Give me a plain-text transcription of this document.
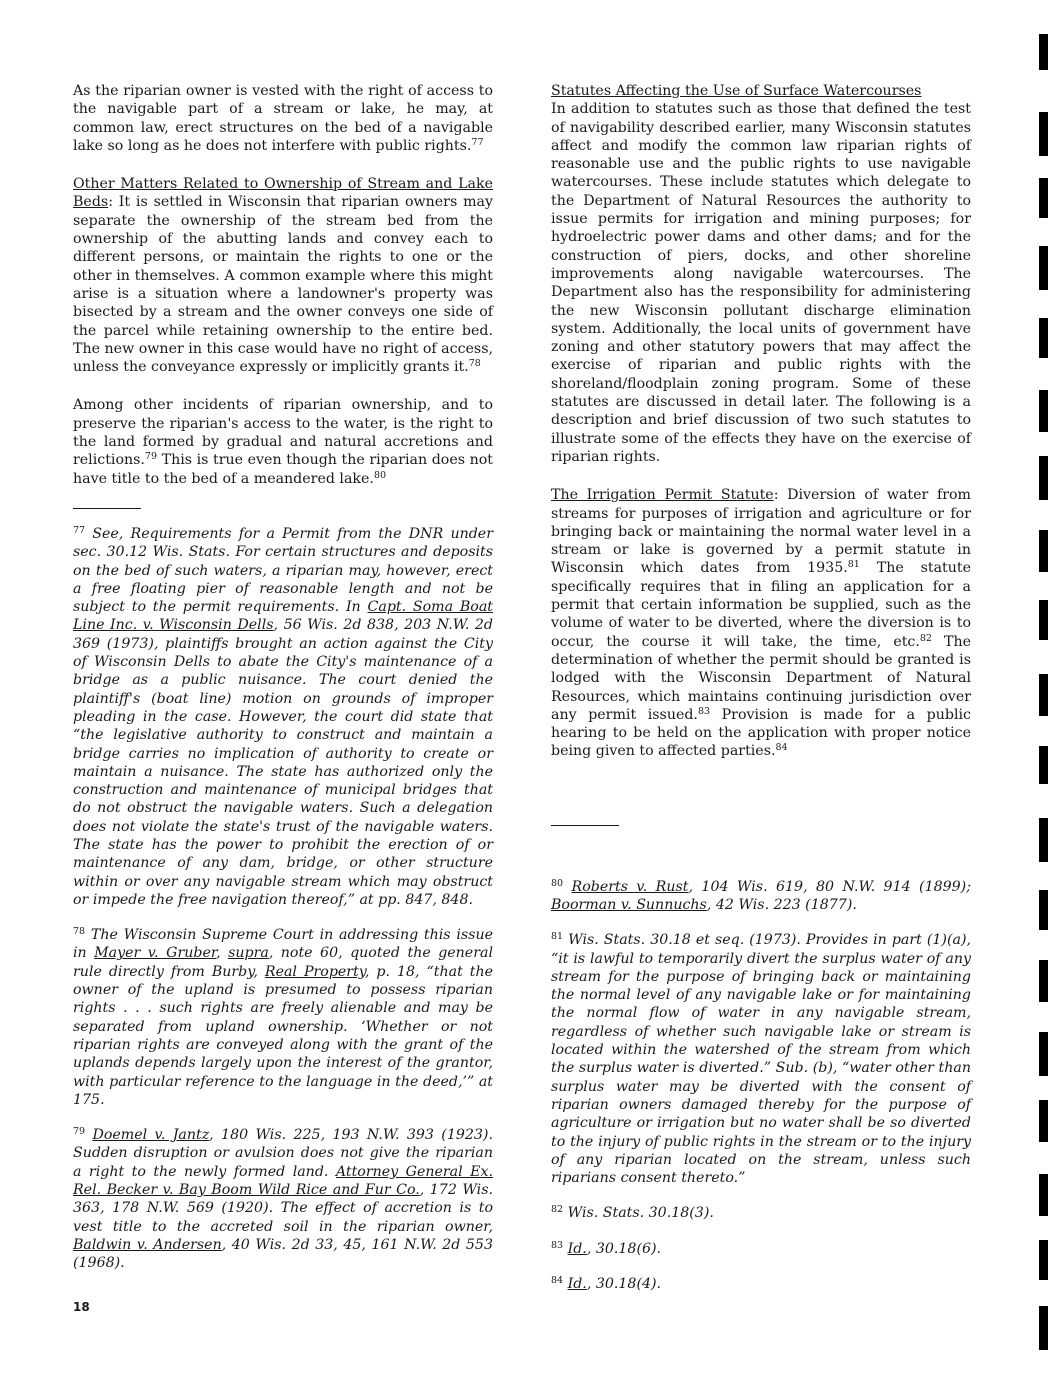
As the riparian owner is vested with the right of access to the navigable part of a stream or lake, he may, at common law, erect structures on the bed of a navigable lake so long as he does not interfere with public rights.$^{77}$

Other Matters Related to Ownership of Stream and Lake Beds: It is settled in Wisconsin that riparian owners may separate the ownership of the stream bed from the ownership of the abutting lands and convey each to different persons, or maintain the rights to one or the other in themselves. A common example where this might arise is a situation where a landowner's property was bisected by a stream and the owner conveys one side of the parcel while retaining ownership to the entire bed. The new owner in this case would have no right of access, unless the conveyance expressly or implicitly grants it.$^{78}$

Among other incidents of riparian ownership, and to preserve the riparian's access to the water, is the right to the land formed by gradual and natural accretions and relictions.$^{79}$ This is true even though the riparian does not have title to the bed of a meandered lake.$^{80}$

$^{77}$ See, Requirements for a Permit from the DNR under sec. 30.12 Wis. Stats. For certain structures and deposits on the bed of such waters, a riparian may, however, erect a free floating pier of reasonable length and not be subject to the permit requirements. In Capt. Soma Boat Line Inc. v. Wisconsin Dells, 56 Wis. 2d 838, 203 N.W. 2d 369 (1973), plaintiffs brought an action against the City of Wisconsin Dells to abate the City's maintenance of a bridge as a public nuisance. The court denied the plaintiff's (boat line) motion on grounds of improper pleading in the case. However, the court did state that “the legislative authority to construct and maintain a bridge carries no implication of authority to create or maintain a nuisance. The state has authorized only the construction and maintenance of municipal bridges that do not obstruct the navigable waters. Such a delegation does not violate the state's trust of the navigable waters. The state has the power to prohibit the erection of or maintenance of any dam, bridge, or other structure within or over any navigable stream which may obstruct or impede the free navigation thereof,” at pp. 847, 848.

$^{78}$ The Wisconsin Supreme Court in addressing this issue in Mayer v. Gruber, supra, note 60, quoted the general rule directly from Burby, Real Property, p. 18, “that the owner of the upland is presumed to possess riparian rights . . . such rights are freely alienable and may be separated from upland ownership. ‘Whether or not riparian rights are conveyed along with the grant of the uplands depends largely upon the interest of the grantor, with particular reference to the language in the deed,’” at 175.

$^{79}$ Doemel v. Jantz, 180 Wis. 225, 193 N.W. 393 (1923). Sudden disruption or avulsion does not give the riparian a right to the newly formed land. Attorney General Ex. Rel. Becker v. Bay Boom Wild Rice and Fur Co., 172 Wis. 363, 178 N.W. 569 (1920). The effect of accretion is to vest title to the accreted soil in the riparian owner, Baldwin v. Andersen, 40 Wis. 2d 33, 45, 161 N.W. 2d 553 (1968).

Statutes Affecting the Use of Surface Watercourses
In addition to statutes such as those that defined the test of navigability described earlier, many Wisconsin statutes affect and modify the common law riparian rights of reasonable use and the public rights to use navigable watercourses. These include statutes which delegate to the Department of Natural Resources the authority to issue permits for irrigation and mining purposes; for hydroelectric power dams and other dams; and for the construction of piers, docks, and other shoreline improvements along navigable watercourses. The Department also has the responsibility for administering the new Wisconsin pollutant discharge elimination system. Additionally, the local units of government have zoning and other statutory powers that may affect the exercise of riparian and public rights with the shoreland/floodplain zoning program. Some of these statutes are discussed in detail later. The following is a description and brief discussion of two such statutes to illustrate some of the effects they have on the exercise of riparian rights.

The Irrigation Permit Statute: Diversion of water from streams for purposes of irrigation and agriculture or for bringing back or maintaining the normal water level in a stream or lake is governed by a permit statute in Wisconsin which dates from 1935.81 The statute specifically requires that in filing an application for a permit that certain information be supplied, such as the volume of water to be diverted, where the diversion is to occur, the course it will take, the time, etc.$^{82}$ The determination of whether the permit should be granted is lodged with the Wisconsin Department of Natural Resources, which maintains continuing jurisdiction over any permit issued.$^{83}$ Provision is made for a public hearing to be held on the application with proper notice being given to affected parties.$^{84}$

$^{80}$ Roberts v. Rust, 104 Wis. 619, 80 N.W. 914 (1899); Boorman v. Sunnuchs, 42 Wis. 223 (1877).

$^{81}$ Wis. Stats. 30.18 et seq. (1973). Provides in part (1)(a), “it is lawful to temporarily divert the surplus water of any stream for the purpose of bringing back or maintaining the normal level of any navigable lake or for maintaining the normal flow of water in any navigable stream, regardless of whether such navigable lake or stream is located within the watershed of the stream from which the surplus water is diverted.” Sub. (b), “water other than surplus water may be diverted with the consent of riparian owners damaged thereby for the purpose of agriculture or irrigation but no water shall be so diverted to the injury of public rights in the stream or to the injury of any riparian located on the stream, unless such riparians consent thereto.”

$^{82}$ Wis. Stats. 30.18(3).

$^{83}$ Id., 30.18(6).

$^{84}$ Id., 30.18(4).

18
